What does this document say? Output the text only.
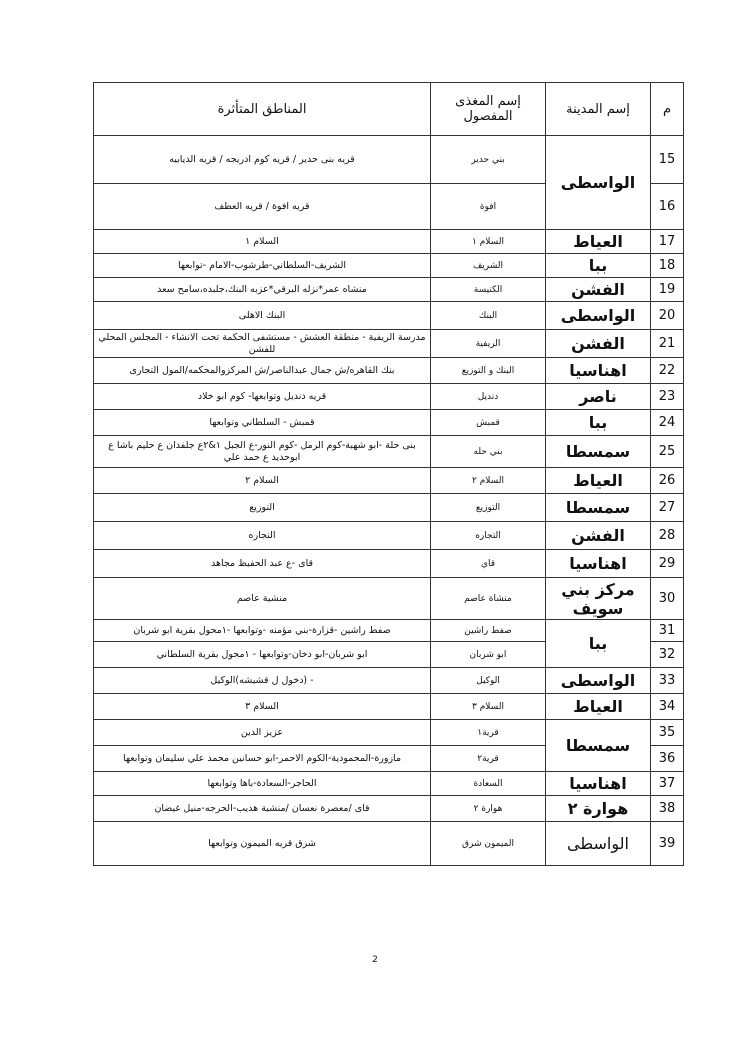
م	إسم المدينة	إسم المغذى المفصول	المناطق المتأثرة
15	الواسطى	بني حدير	قريه بنى حدير / قريه كوم ادريجه / قريه الديابيه
16		افوة	قريه افوة / قريه العطف
17	العياط	السلام ١	السلام ١
18	ببا	الشريف	الشريف-السلطاني-طرشوب-الامام -توابعها
19	الفشن	الكنيسة	منشاه عمر*نزله البرقي*عزبه البنك،جلبده،سامح سعد
20	الواسطى	البنك	البنك الاهلى
21	الفشن	الريفية	مدرسة الريفية - منطقة العشش - مستشفى الحكمة تحت الانشاء - المجلس المحلي للفشن
22	اهناسيا	البنك و التوزيع	بنك القاهره/ش جمال عبدالناصر/ش المركزوالمحكمه/المول التجارى
23	ناصر	دنديل	قريه دنديل وتوابعها- كوم ابو خلاد
24	ببا	قمبش	قمبش - السلطاني وتوابعها
25	سمسطا	بني حله	بنى حلة -ابو شهبة-كوم الرمل -كوم النور-ع الجبل ١&٢ع جلفدان ع حليم باشا ع ابوحديد ع حمد علي
26	العياط	السلام ٢	السلام ٢
27	سمسطا	التوزيع	التوزيع
28	الفشن	التجاره	التجاره
29	اهناسيا	قاي	قاى -ع عبد الحفيظ مجاهد
30	مركز بني سويف	منشاة عاصم	منشية عاصم
31	ببا	صفط راشين	صفط راشين -قزارة-بني مؤمنه -وتوابعها -١محول بقرية ابو شربان
32		ابو شربان	ابو شربان-ابو دخان-وتوابعها - ١محول بقرية السلطاني
33	الواسطى	الوكيل	- (دخول ل قشيشه)الوكيل
34	العياط	السلام ٣	السلام ٣
35	سمسطا	قرية١	عزيز الدين
36		قرية٢	مازورة-المحمودية-الكوم الاحمر-ابو حسانين محمد علي سليمان وتوابعها
37	اهناسيا	السعادة	الحاجر-السعادة-باها وتوابعها
38	هوارة ٢	هوارة ٢	قاى /معصرة نعسان /منشية هديب-الحرجه-منيل غيضان
39	الواسطى	الميمون شرق	شرق قريه الميمون وتوابعها
2
